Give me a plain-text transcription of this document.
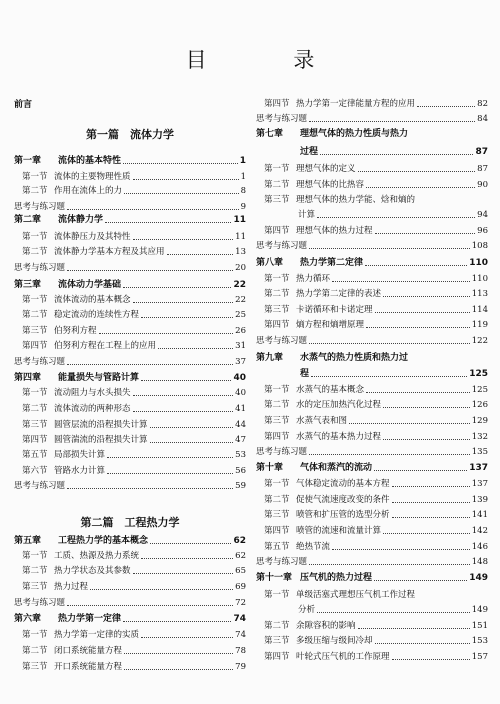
目 录
前言
第一篇　流体力学
第一章 流体的基本特性	1
第一节 流体的主要物理性质	1
第二节 作用在流体上的力	8
思考与练习题	9
第二章 流体静力学	11
第一节 流体静压力及其特性	11
第二节 流体静力学基本方程及其应用	13
思考与练习题	20
第三章 流体动力学基础	22
第一节 流体流动的基本概念	22
第二节 稳定流动的连续性方程	25
第三节 伯努利方程	26
第四节 伯努利方程在工程上的应用	31
思考与练习题	37
第四章 能量损失与管路计算	40
第一节 流动阻力与水头损失	40
第二节 流体流动的两种形态	41
第三节 圆管层流的沿程损失计算	44
第四节 圆管湍流的沿程损失计算	47
第五节 局部损失计算	53
第六节 管路水力计算	56
思考与练习题	59
第二篇　工程热力学
第五章 工程热力学的基本概念	62
第一节 工质、热源及热力系统	62
第二节 热力学状态及其参数	65
第三节 热力过程	69
思考与练习题	72
第六章 热力学第一定律	74
第一节 热力学第一定律的实质	74
第二节 闭口系统能量方程	78
第三节 开口系统能量方程	79
第四节 热力学第一定律能量方程的应用	82
思考与练习题	84
第七章 理想气体的热力性质与热力
过程	87
第一节 理想气体的定义	87
第二节 理想气体的比热容	90
第三节 理想气体的热力学能、焓和熵的
计算	94
第四节 理想气体的热力过程	96
思考与练习题	108
第八章 热力学第二定律	110
第一节 热力循环	110
第二节 热力学第二定律的表述	113
第三节 卡诺循环和卡诺定理	114
第四节 熵方程和熵增原理	119
思考与练习题	122
第九章 水蒸气的热力性质和热力过
程	125
第一节 水蒸气的基本概念	125
第二节 水的定压加热汽化过程	126
第三节 水蒸气表和图	129
第四节 水蒸气的基本热力过程	132
思考与练习题	135
第十章 气体和蒸汽的流动	137
第一节 气体稳定流动的基本方程	137
第二节 促使气流速度改变的条件	139
第三节 喷管和扩压管的选型分析	141
第四节 喷管的流速和流量计算	142
第五节 绝热节流	146
思考与练习题	148
第十一章 压气机的热力过程	149
第一节 单级活塞式理想压气机工作过程
分析	149
第二节 余隙容积的影响	151
第三节 多级压缩与级间冷却	153
第四节 叶轮式压气机的工作原理	157
